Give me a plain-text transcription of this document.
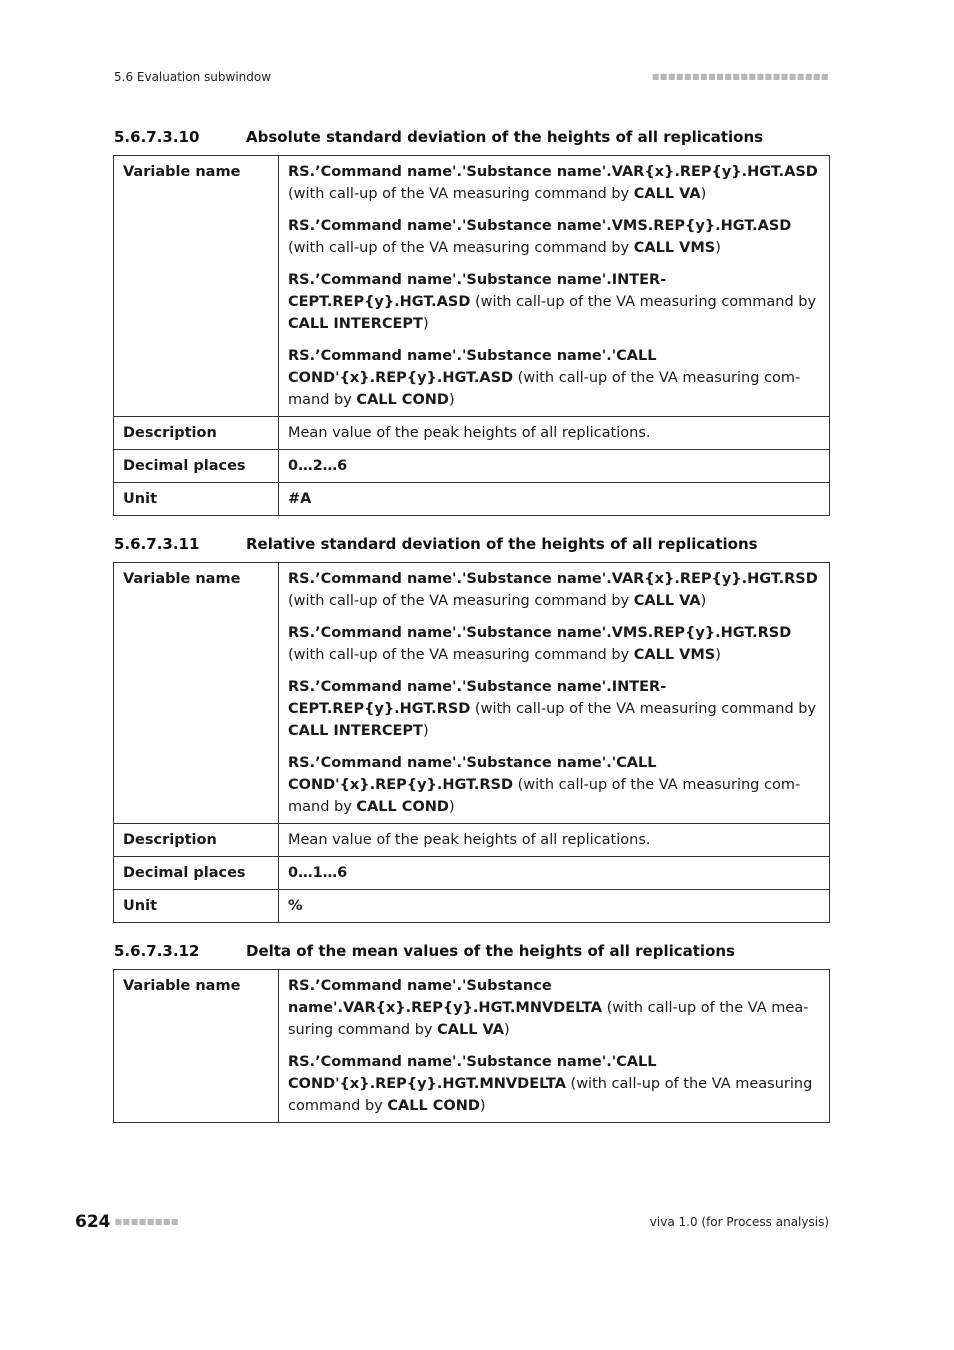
5.6 Evaluation subwindow	■■■■■■■■■■■■■■■■■■■■■■
5.6.7.3.10	Absolute standard deviation of the heights of all replications
Variable name	RS.’Command name'.'Substance name'.VAR{x}.REP{y}.HGT.ASD (with call-up of the VA measuring command by CALL VA)
RS.’Command name'.'Substance name'.VMS.REP{y}.HGT.ASD (with call-up of the VA measuring command by CALL VMS)
RS.’Command name'.'Substance name'.INTERCEPT.REP{y}.HGT.ASD (with call-up of the VA measuring command by CALL INTERCEPT)
RS.’Command name'.'Substance name'.'CALL COND'{x}.REP{y}.HGT.ASD (with call-up of the VA measuring command by CALL COND)

Description	Mean value of the peak heights of all replications.
Decimal places	0…2…6
Unit	#A
5.6.7.3.11	Relative standard deviation of the heights of all replications
Variable name	RS.’Command name'.'Substance name'.VAR{x}.REP{y}.HGT.RSD (with call-up of the VA measuring command by CALL VA)
RS.’Command name'.'Substance name'.VMS.REP{y}.HGT.RSD (with call-up of the VA measuring command by CALL VMS)
RS.’Command name'.'Substance name'.INTERCEPT.REP{y}.HGT.RSD (with call-up of the VA measuring command by CALL INTERCEPT)
RS.’Command name'.'Substance name'.'CALL COND'{x}.REP{y}.HGT.RSD (with call-up of the VA measuring command by CALL COND)

Description	Mean value of the peak heights of all replications.
Decimal places	0…1…6
Unit	%
5.6.7.3.12	Delta of the mean values of the heights of all replications
Variable name	RS.’Command name'.'Substance name'.VAR{x}.REP{y}.HGT.MNVDELTA (with call-up of the VA measuring command by CALL VA)
RS.’Command name'.'Substance name'.'CALL COND'{x}.REP{y}.HGT.MNVDELTA (with call-up of the VA measuring command by CALL COND)
624 ■■■■■■■■	viva 1.0 (for Process analysis)
